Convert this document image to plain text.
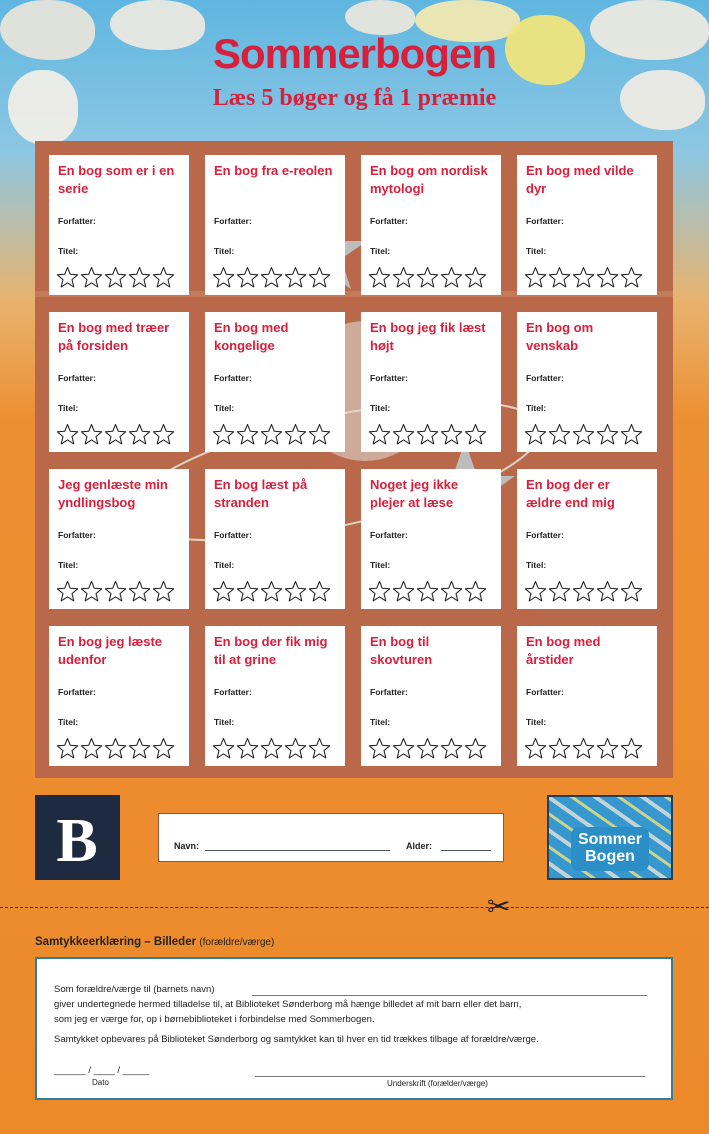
Sommerbogen
Læs 5 bøger og få 1 præmie
En bog som er i en serie
Forfatter:
Titel:
En bog fra e-reolen
Forfatter:
Titel:
En bog om nordisk mytologi
Forfatter:
Titel:
En bog med vilde dyr
Forfatter:
Titel:
En bog med træer på forsiden
Forfatter:
Titel:
En bog med kongelige
Forfatter:
Titel:
En bog jeg fik læst højt
Forfatter:
Titel:
En bog om venskab
Forfatter:
Titel:
Jeg genlæste min yndlingsbog
Forfatter:
Titel:
En bog læst på stranden
Forfatter:
Titel:
Noget jeg ikke plejer at læse
Forfatter:
Titel:
En bog der er ældre end mig
Forfatter:
Titel:
En bog jeg læste udenfor
Forfatter:
Titel:
En bog der fik mig til at grine
Forfatter:
Titel:
En bog til skovturen
Forfatter:
Titel:
En bog med årstider
Forfatter:
Titel:
B	Navn:	Alder:	Sommer
Bogen
✂
Samtykkeerklæring – Billeder (forældre/værge)
Som forældre/værge til (barnets navn)
giver undertegnede hermed tilladelse til, at Biblioteket Sønderborg må hænge billedet af mit barn eller det barn,
som jeg er værge for, op i børnebiblioteket i forbindelse med Sommerbogen.
Samtykket opbevares på Biblioteket Sønderborg og samtykket kan til hver en tid trækkes tilbage af forældre/værge.
______ / ____ / _____
Dato	Underskrift (forælder/værge)
